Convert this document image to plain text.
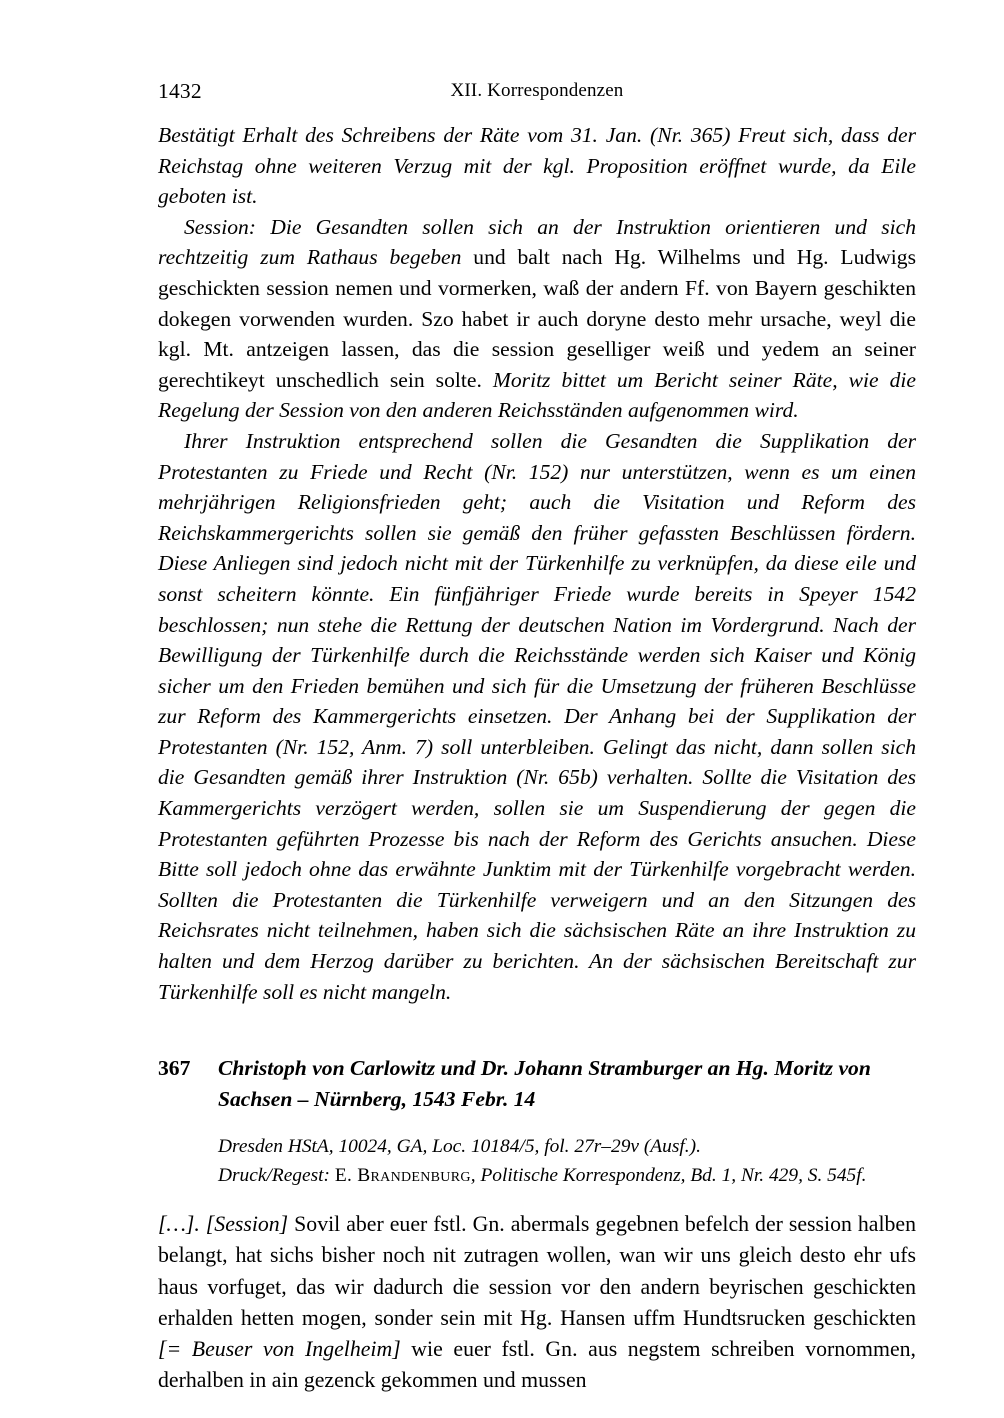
1432	XII. Korrespondenzen

Bestätigt Erhalt des Schreibens der Räte vom 31. Jan. (Nr. 365) Freut sich, dass der Reichstag ohne weiteren Verzug mit der kgl. Proposition eröffnet wurde, da Eile geboten ist.

Session: Die Gesandten sollen sich an der Instruktion orientieren und sich rechtzeitig zum Rathaus begeben und balt nach Hg. Wilhelms und Hg. Ludwigs geschickten session nemen und vormerken, waß der andern Ff. von Bayern geschikten dokegen vorwenden wurden. Szo habet ir auch doryne desto mehr ursache, weyl die kgl. Mt. antzeigen lassen, das die session geselliger weiß und yedem an seiner gerechtikeyt unschedlich sein solte. Moritz bittet um Bericht seiner Räte, wie die Regelung der Session von den anderen Reichsständen aufgenommen wird.

Ihrer Instruktion entsprechend sollen die Gesandten die Supplikation der Protestanten zu Friede und Recht (Nr. 152) nur unterstützen, wenn es um einen mehrjährigen Religionsfrieden geht; auch die Visitation und Reform des Reichskammergerichts sollen sie gemäß den früher gefassten Beschlüssen fördern. Diese Anliegen sind jedoch nicht mit der Türkenhilfe zu verknüpfen, da diese eile und sonst scheitern könnte. Ein fünfjähriger Friede wurde bereits in Speyer 1542 beschlossen; nun stehe die Rettung der deutschen Nation im Vordergrund. Nach der Bewilligung der Türkenhilfe durch die Reichsstände werden sich Kaiser und König sicher um den Frieden bemühen und sich für die Umsetzung der früheren Beschlüsse zur Reform des Kammergerichts einsetzen. Der Anhang bei der Supplikation der Protestanten (Nr. 152, Anm. 7) soll unterbleiben. Gelingt das nicht, dann sollen sich die Gesandten gemäß ihrer Instruktion (Nr. 65b) verhalten. Sollte die Visitation des Kammergerichts verzögert werden, sollen sie um Suspendierung der gegen die Protestanten geführten Prozesse bis nach der Reform des Gerichts ansuchen. Diese Bitte soll jedoch ohne das erwähnte Junktim mit der Türkenhilfe vorgebracht werden. Sollten die Protestanten die Türkenhilfe verweigern und an den Sitzungen des Reichsrates nicht teilnehmen, haben sich die sächsischen Räte an ihre Instruktion zu halten und dem Herzog darüber zu berichten. An der sächsischen Bereitschaft zur Türkenhilfe soll es nicht mangeln.

367 Christoph von Carlowitz und Dr. Johann Stramburger an Hg. Moritz von Sachsen – Nürnberg, 1543 Febr. 14
Dresden HStA, 10024, GA, Loc. 10184/5, fol. 27r–29v (Ausf.).
Druck/Regest: E. Brandenburg, Politische Korrespondenz, Bd. 1, Nr. 429, S. 545f.

[…]. [Session] Sovil aber euer fstl. Gn. abermals gegebnen befelch der session halben belangt, hat sichs bisher noch nit zutragen wollen, wan wir uns gleich desto ehr ufs haus vorfuget, das wir dadurch die session vor den andern beyrischen geschickten erhalden hetten mogen, sonder sein mit Hg. Hansen uffm Hundtsrucken geschickten [= Beuser von Ingelheim] wie euer fstl. Gn. aus negstem schreiben vornommen, derhalben in ain gezenck gekommen und mussen
